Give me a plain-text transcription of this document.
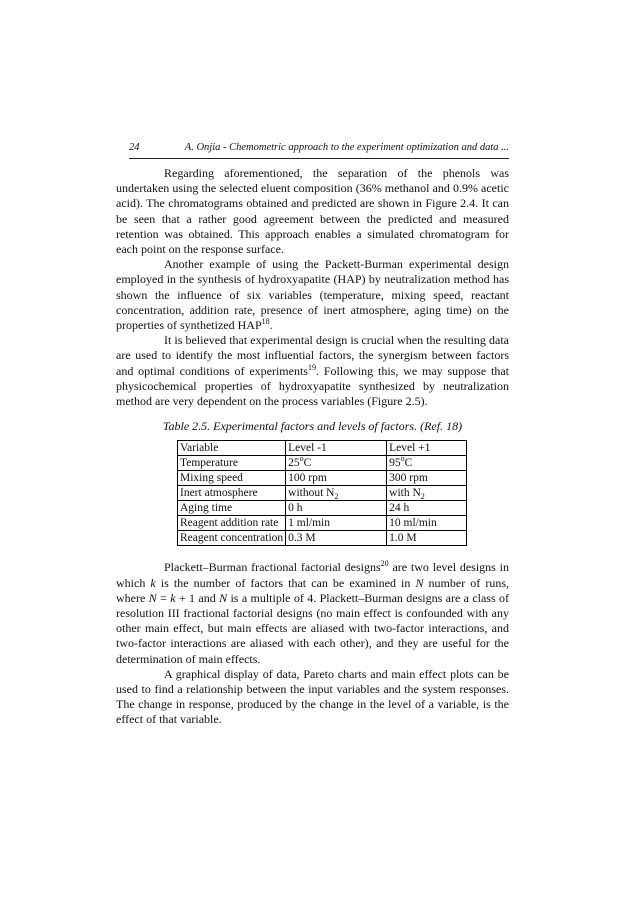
24	A. Onjia - Chemometric approach to the experiment optimization and data ...

Regarding aforementioned, the separation of the phenols was undertaken using the selected eluent composition (36% methanol and 0.9% acetic acid). The chromatograms obtained and predicted are shown in Figure 2.4. It can be seen that a rather good agreement between the predicted and measured retention was obtained. This approach enables a simulated chromatogram for each point on the response surface.

Another example of using the Packett-Burman experimental design employed in the synthesis of hydroxyapatite (HAP) by neutralization method has shown the influence of six variables (temperature, mixing speed, reactant concentration, addition rate, presence of inert atmosphere, aging time) on the properties of synthetized HAP$^{18}$.

It is believed that experimental design is crucial when the resulting data are used to identify the most influential factors, the synergism between factors and optimal conditions of experiments$^{19}$. Following this, we may suppose that physicochemical properties of hydroxyapatite synthesized by neutralization method are very dependent on the process variables (Figure 2.5).

Table 2.5. Experimental factors and levels of factors. (Ref. 18)
Variable	Level -1	Level +1
Temperature	25$^o$C	95$^o$C
Mixing speed	100 rpm	300 rpm
Inert atmosphere	without $N_2$	with $N_2$
Aging time	0 h	24 h
Reagent addition rate	1 ml/min	10 ml/min
Reagent concentration	0.3 M	1.0 M

Plackett–Burman fractional factorial designs$^{20}$ are two level designs in which k is the number of factors that can be examined in N number of runs, where N = k + 1 and N is a multiple of 4. Plackett–Burman designs are a class of resolution III fractional factorial designs (no main effect is confounded with any other main effect, but main effects are aliased with two-factor interactions, and two-factor interactions are aliased with each other), and they are useful for the determination of main effects.

A graphical display of data, Pareto charts and main effect plots can be used to find a relationship between the input variables and the system responses. The change in response, produced by the change in the level of a variable, is the effect of that variable.
